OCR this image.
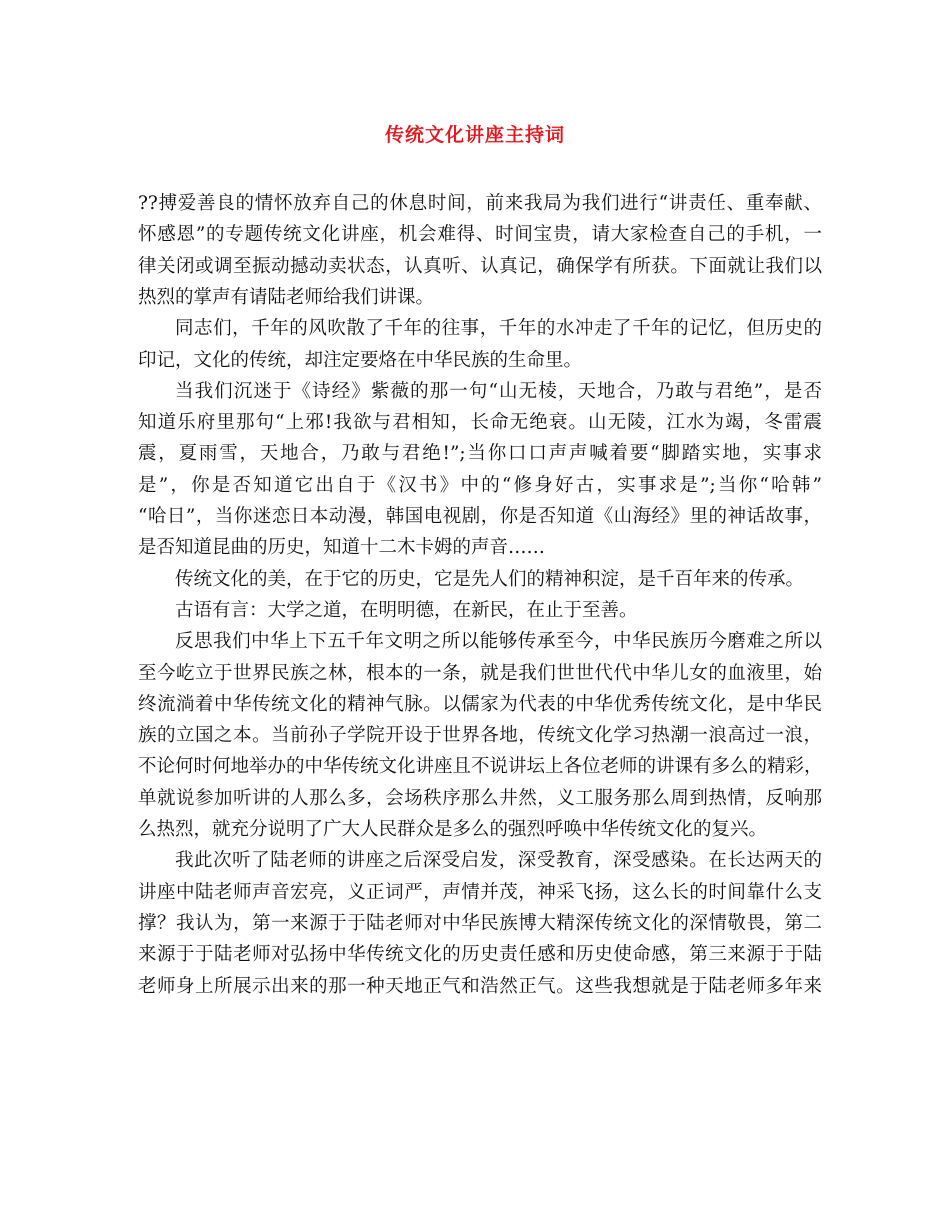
传统文化讲座主持词
??搏爱善良的情怀放弃自己的休息时间，前来我局为我们进行“讲责任、重奉献、
怀感恩”的专题传统文化讲座，机会难得、时间宝贵，请大家检查自己的手机，一
律关闭或调至振动撼动卖状态，认真听、认真记，确保学有所获。下面就让我们以
热烈的掌声有请陆老师给我们讲课。
同志们，千年的风吹散了千年的往事，千年的水冲走了千年的记忆，但历史的
印记，文化的传统，却注定要烙在中华民族的生命里。
当我们沉迷于《诗经》紫薇的那一句“山无棱，天地合，乃敢与君绝”，是否
知道乐府里那句“上邪!我欲与君相知，长命无绝衰。山无陵，江水为竭，冬雷震
震，夏雨雪，天地合，乃敢与君绝!”;当你口口声声喊着要“脚踏实地，实事求
是”，你是否知道它出自于《汉书》中的“修身好古，实事求是”;当你“哈韩”
“哈日”，当你迷恋日本动漫，韩国电视剧，你是否知道《山海经》里的神话故事，
是否知道昆曲的历史，知道十二木卡姆的声音……
传统文化的美，在于它的历史，它是先人们的精神积淀，是千百年来的传承。
古语有言：大学之道，在明明德，在新民，在止于至善。
反思我们中华上下五千年文明之所以能够传承至今，中华民族历今磨难之所以
至今屹立于世界民族之林，根本的一条，就是我们世世代代中华儿女的血液里，始
终流淌着中华传统文化的精神气脉。以儒家为代表的中华优秀传统文化，是中华民
族的立国之本。当前孙子学院开设于世界各地，传统文化学习热潮一浪高过一浪，
不论何时何地举办的中华传统文化讲座且不说讲坛上各位老师的讲课有多么的精彩，
单就说参加听讲的人那么多，会场秩序那么井然，义工服务那么周到热情，反响那
么热烈，就充分说明了广大人民群众是多么的强烈呼唤中华传统文化的复兴。
我此次听了陆老师的讲座之后深受启发，深受教育，深受感染。在长达两天的
讲座中陆老师声音宏亮，义正词严，声情并茂，神采飞扬，这么长的时间靠什么支
撑？我认为，第一来源于于陆老师对中华民族博大精深传统文化的深情敬畏，第二
来源于于陆老师对弘扬中华传统文化的历史责任感和历史使命感，第三来源于于陆
老师身上所展示出来的那一种天地正气和浩然正气。这些我想就是于陆老师多年来
